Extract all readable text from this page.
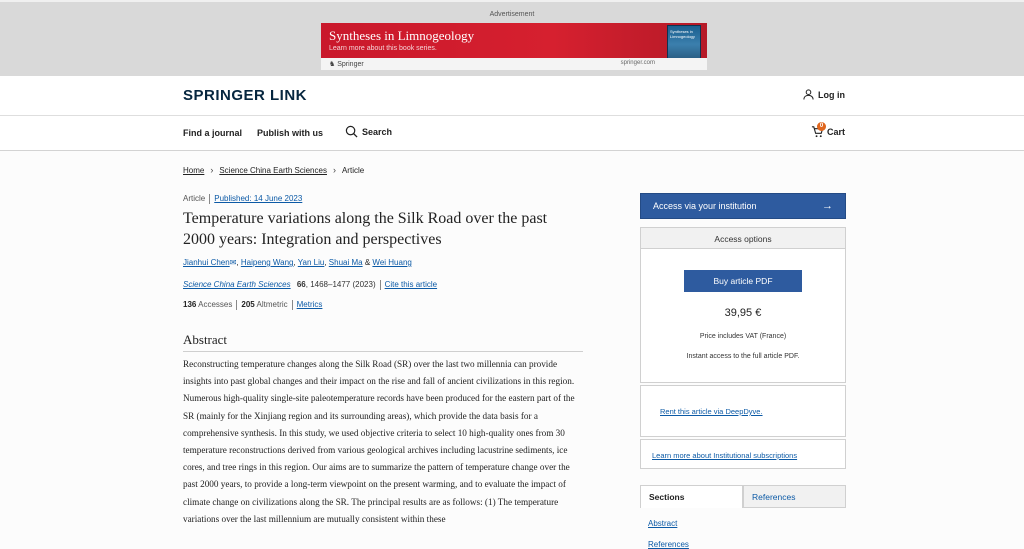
Advertisement
Syntheses in Limnogeology
Learn more about this book series.
Syntheses in Limnogeology
♞ Springer	springer.com
SPRINGER LINK	Log in
Find a journal Publish with us	Search
0
Cart
Home › Science China Earth Sciences › Article
Article Published: 14 June 2023
Temperature variations along the Silk Road over the past 2000 years: Integration and perspectives
Jianhui Chen✉, Haipeng Wang, Yan Liu, Shuai Ma & Wei Huang
Science China Earth Sciences 66, 1468–1477 (2023) Cite this article
136 Accesses 205 Altmetric Metrics
Abstract

Reconstructing temperature changes along the Silk Road (SR) over the last two millennia can provide insights into past global changes and their impact on the rise and fall of ancient civilizations in this region. Numerous high-quality single-site paleotemperature records have been produced for the eastern part of the SR (mainly for the Xinjiang region and its surrounding areas), which provide the data basis for a comprehensive synthesis. In this study, we used objective criteria to select 10 high-quality ones from 30 temperature reconstructions derived from various geological archives including lacustrine sediments, ice cores, and tree rings in this region. Our aims are to summarize the pattern of temperature change over the past 2000 years, to provide a long-term viewpoint on the present warming, and to evaluate the impact of climate change on civilizations along the SR. The principal results are as follows: (1) The temperature variations over the last millennium are mutually consistent within these

Access via your institution	→
Access options
Buy article PDF
39,95 €
Price includes VAT (France)
Instant access to the full article PDF.
Rent this article via DeepDyve.
Learn more about Institutional subscriptions
Sections	References
Abstract
References
